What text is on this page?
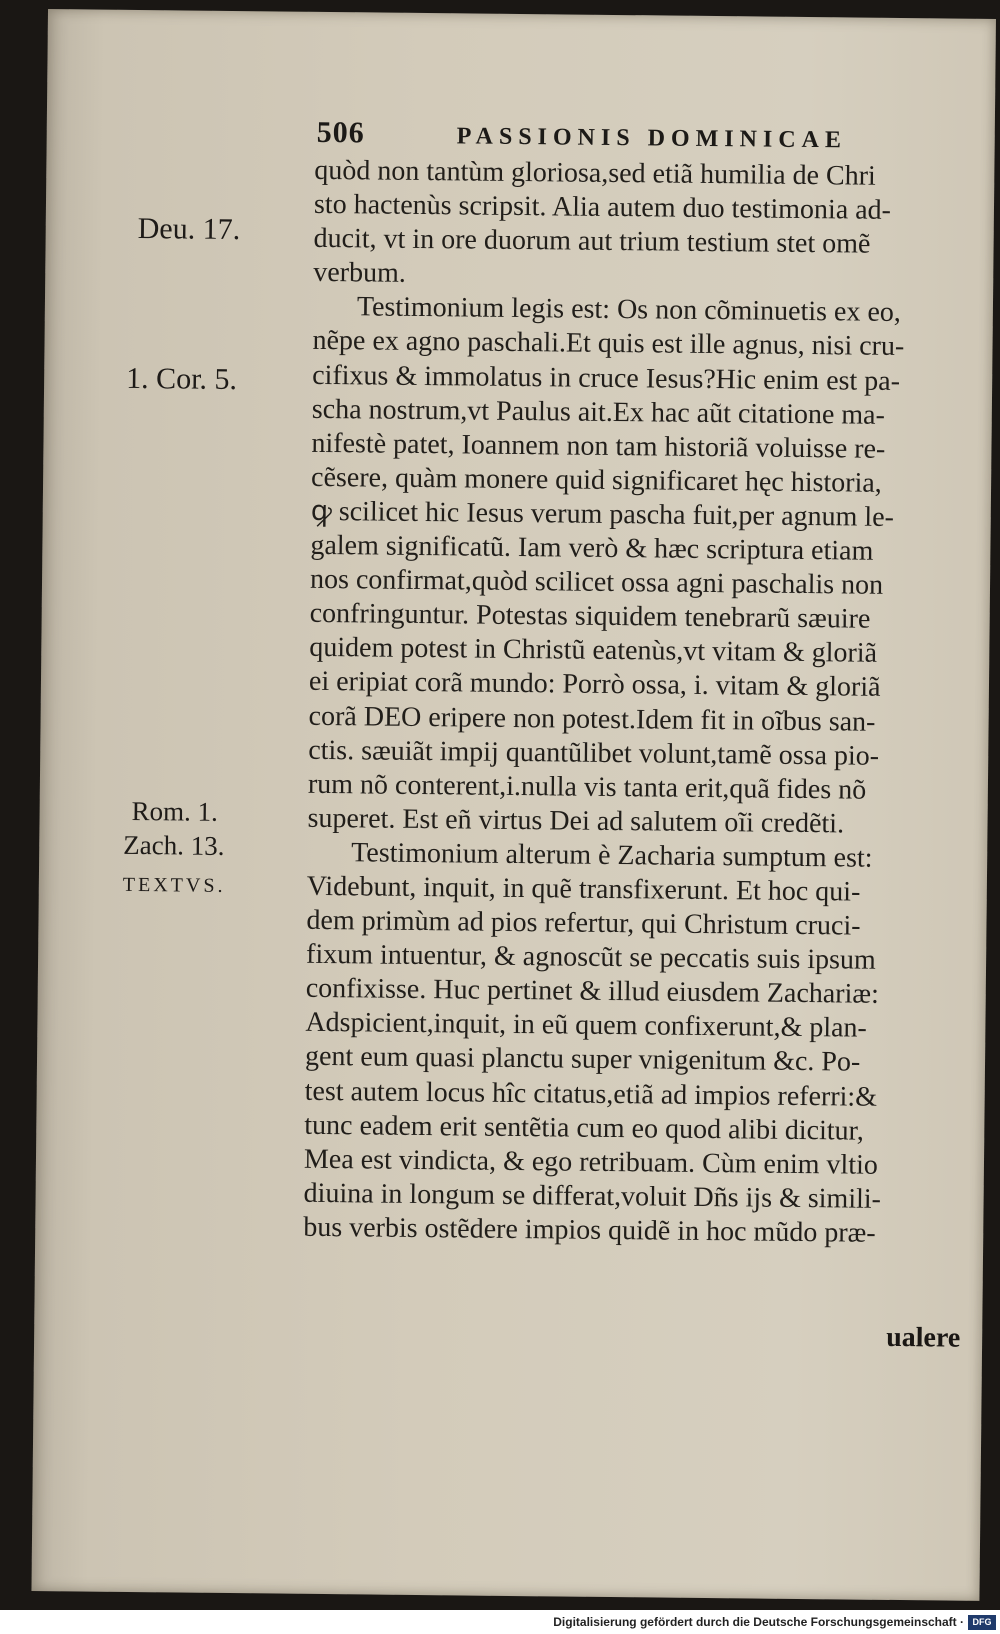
506	PASSIONIS DOMINICAE
Deu. 17.
1. Cor. 5.
Rom. 1.
Zach. 13.
TEXTVS.
quòd non tantùm gloriosa,sed etiã humilia de Chri
sto hactenùs scripsit. Alia autem duo testimonia ad-
ducit, vt in ore duorum aut trium testium stet omẽ
verbum.
Testimonium legis est: Os non cõminuetis ex eo,
nẽpe ex agno paschali.Et quis est ille agnus, nisi cru-
cifixus & immolatus in cruce Iesus?Hic enim est pa-
scha nostrum,vt Paulus ait.Ex hac aũt citatione ma-
nifestè patet, Ioannem non tam historiã voluisse re-
cẽsere, quàm monere quid significaret hęc historia,
ꝙ scilicet hic Iesus verum pascha fuit,per agnum le-
galem significatũ. Iam verò & hæc scriptura etiam
nos confirmat,quòd scilicet ossa agni paschalis non
confringuntur. Potestas siquidem tenebrarũ sæuire
quidem potest in Christũ eatenùs,vt vitam & gloriã
ei eripiat corã mundo: Porrò ossa, i. vitam & gloriã
corã DEO eripere non potest.Idem fit in oĩbus san-
ctis. sæuiãt impij quantũlibet volunt,tamẽ ossa pio-
rum nõ conterent,i.nulla vis tanta erit,quã fides nõ
superet. Est eñ virtus Dei ad salutem oĩi credẽti.
Testimonium alterum è Zacharia sumptum est:
Videbunt, inquit, in quẽ transfixerunt. Et hoc qui-
dem primùm ad pios refertur, qui Christum cruci-
fixum intuentur, & agnoscũt se peccatis suis ipsum
confixisse. Huc pertinet & illud eiusdem Zachariæ:
Adspicient,inquit, in eũ quem confixerunt,& plan-
gent eum quasi planctu super vnigenitum &c. Po-
test autem locus hîc citatus,etiã ad impios referri:&
tunc eadem erit sentẽtia cum eo quod alibi dicitur,
Mea est vindicta, & ego retribuam. Cùm enim vltio
diuina in longum se differat,voluit Dñs ijs & simili-
bus verbis ostẽdere impios quidẽ in hoc mũdo præ-
ualere
Digitalisierung gefördert durch die Deutsche Forschungsgemeinschaft · DFG
